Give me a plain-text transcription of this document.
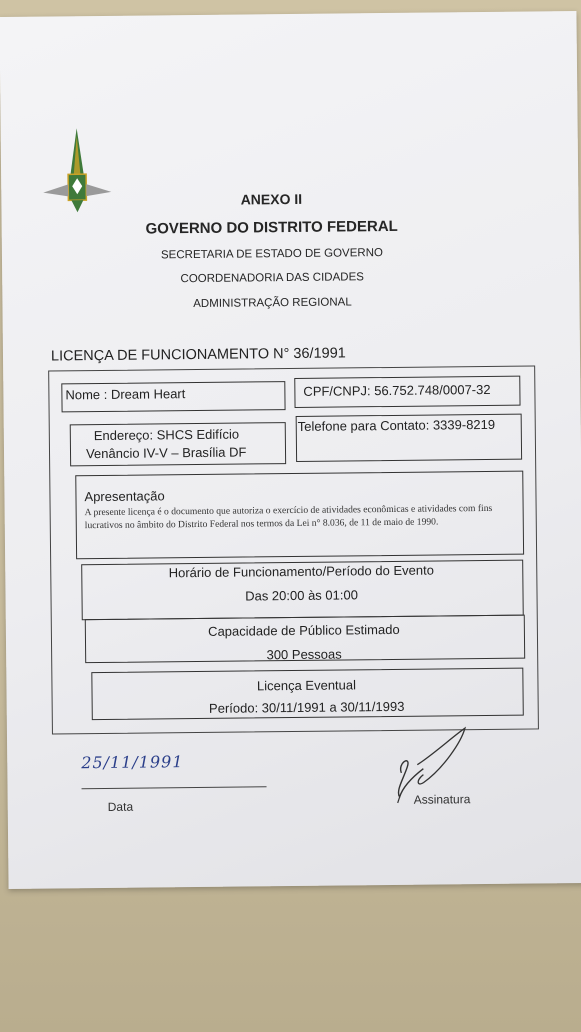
ANEXO II
GOVERNO DO DISTRITO FEDERAL
SECRETARIA DE ESTADO DE GOVERNO
COORDENADORIA DAS CIDADES
ADMINISTRAÇÃO REGIONAL
LICENÇA DE FUNCIONAMENTO N° 36/1991
Nome : Dream Heart	CPF/CNPJ: 56.752.748/0007-32
Endereço: SHCS Edifício
Venâncio IV-V – Brasília DF
Telefone para Contato: 3339-8219
Apresentação
A presente licença é o documento que autoriza o exercício de atividades econômicas e atividades com fins lucrativos no âmbito do Distrito Federal nos termos da Lei n° 8.036, de 11 de maio de 1990.
Horário de Funcionamento/Período do Evento
Das 20:00 às 01:00
Capacidade de Público Estimado
300 Pessoas
Licença Eventual
Período: 30/11/1991 a 30/11/1993
25/11/1991
Data
Assinatura
